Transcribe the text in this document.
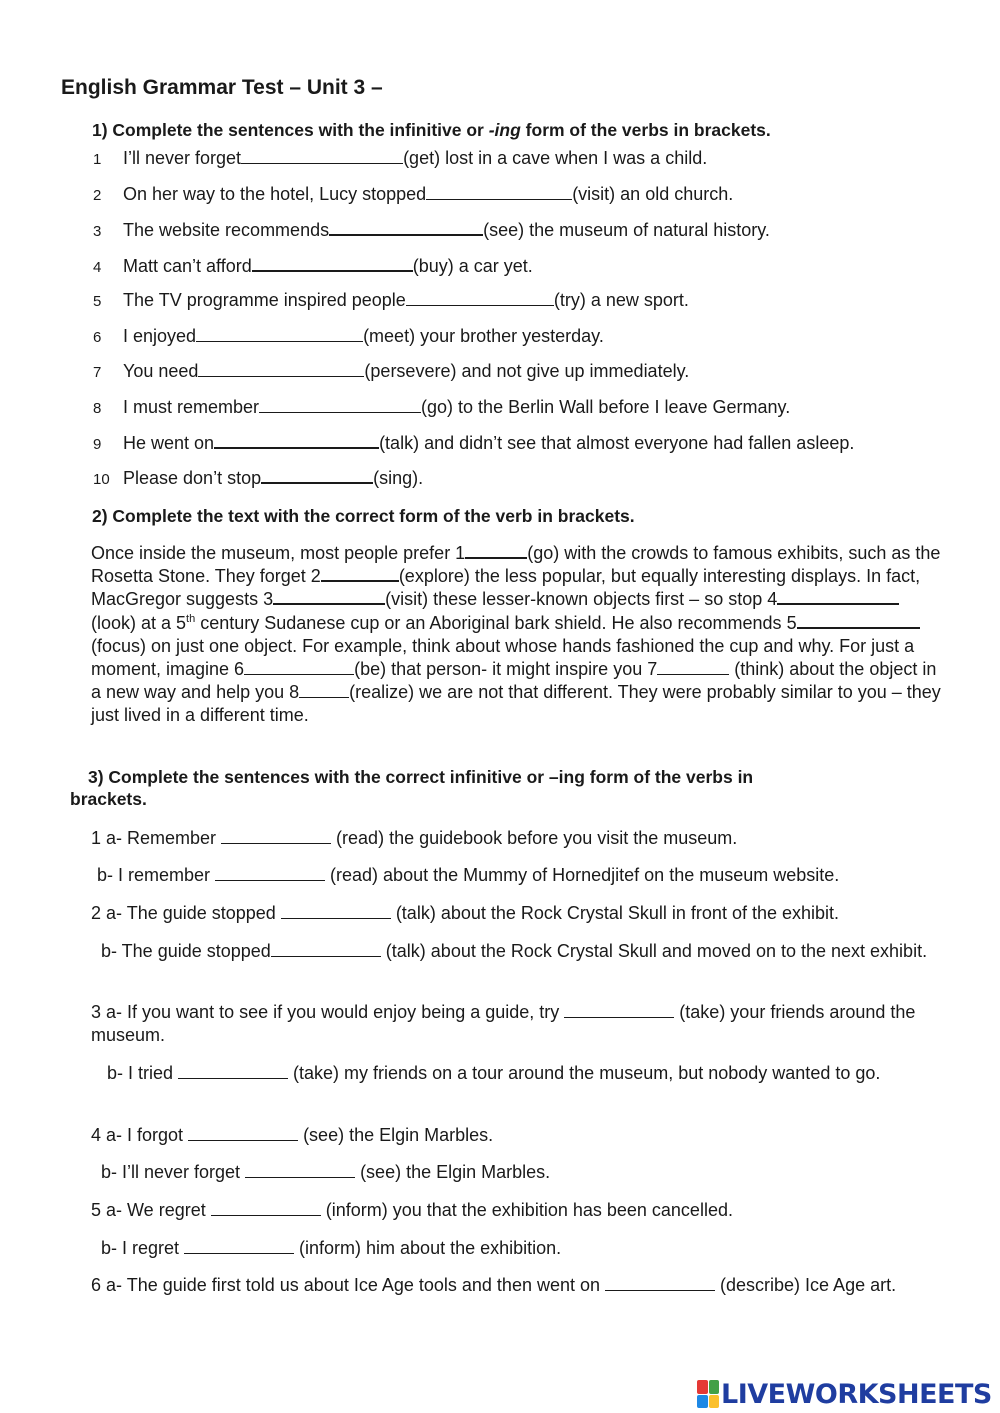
English Grammar Test – Unit 3 –
1) Complete the sentences with the infinitive or -ing form of the verbs in brackets.
1 I’ll never forget	(get) lost in a cave when I was a child.
2 On her way to the hotel, Lucy stopped	(visit) an old church.
3 The website recommends	(see) the museum of natural history.
4 Matt can’t afford	(buy) a car yet.
5 The TV programme inspired people	(try) a new sport.
6 I enjoyed	(meet) your brother yesterday.
7 You need	(persevere) and not give up immediately.
8 I must remember	(go) to the Berlin Wall before I leave Germany.
9 He went on	(talk) and didn’t see that almost everyone had fallen asleep.
10 Please don’t stop	(sing).
2) Complete the text with the correct form of the verb in brackets.

Once inside the museum, most people prefer 1	(go) with the crowds to famous exhibits, such as the Rosetta Stone. They forget 2	(explore) the less popular, but equally interesting displays. In fact, MacGregor suggests 3	(visit) these lesser-known objects first – so stop 4(look) at a 5th century Sudanese cup or an Aboriginal bark shield. He also recommends 5 (focus) on just one object. For example, think about whose hands fashioned the cup and why. For just a moment, imagine 6	(be) that person- it might inspire you 7	(think) about the object in a new way and help you 8	(realize) we are not that different. They were probably similar to you – they just lived in a different time.

3) Complete the sentences with the correct infinitive or –ing form of the verbs in
brackets.

1 a- Remember	(read) the guidebook before you visit the museum.

b- I remember	(read) about the Mummy of Hornedjitef on the museum website.

2 a- The guide stopped	(talk) about the Rock Crystal Skull in front of the exhibit.

b- The guide stopped	(talk) about the Rock Crystal Skull and moved on to the next exhibit.

3 a- If you want to see if you would enjoy being a guide, try	(take) your friends around the museum.

b- I tried	(take) my friends on a tour around the museum, but nobody wanted to go.

4 a- I forgot	(see) the Elgin Marbles.

b- I’ll never forget	(see) the Elgin Marbles.

5 a- We regret	(inform) you that the exhibition has been cancelled.

b- I regret	(inform) him about the exhibition.

6 a- The guide first told us about Ice Age tools and then went on	(describe) Ice Age art.

LIVEWORKSHEETS
